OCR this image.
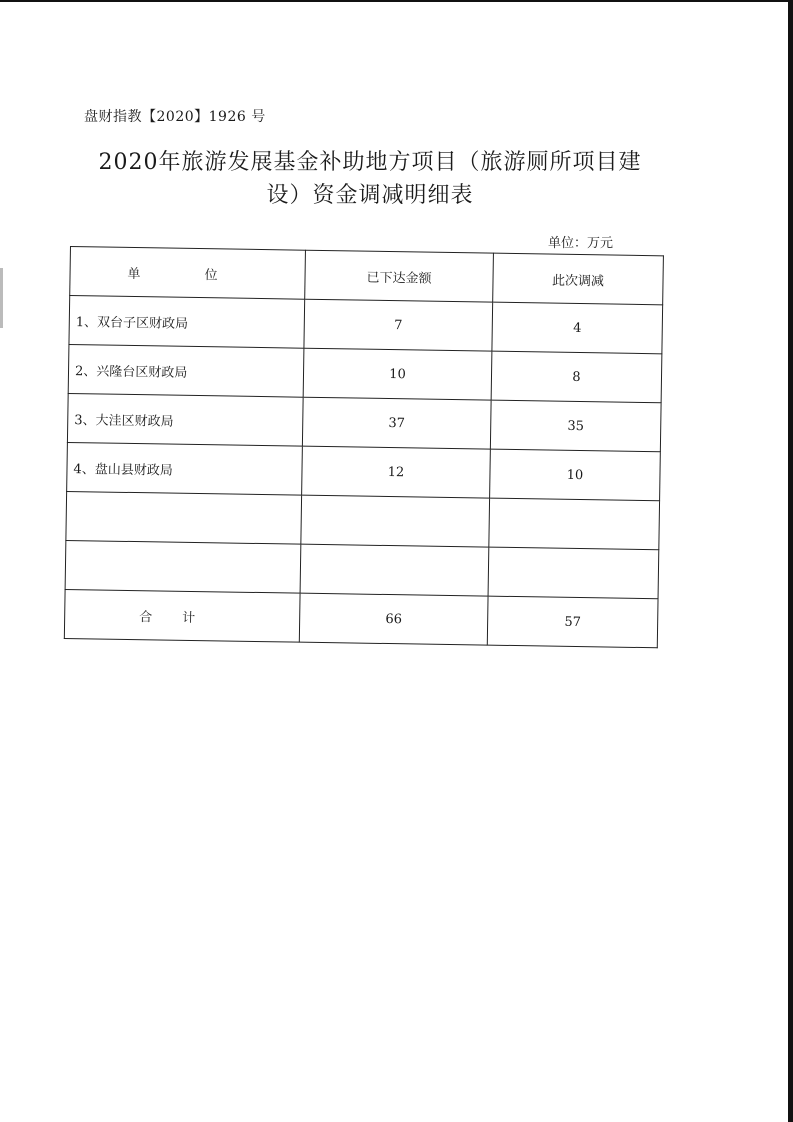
盘财指教【2020】1926 号
2020年旅游发展基金补助地方项目（旅游厕所项目建设）资金调减明细表
单位：万元
单 位	已下达金额	此次调减
1、双台子区财政局	7	4
2、兴隆台区财政局	10	8
3、大洼区财政局	37	35
4、盘山县财政局	12	10

合计	66	57
